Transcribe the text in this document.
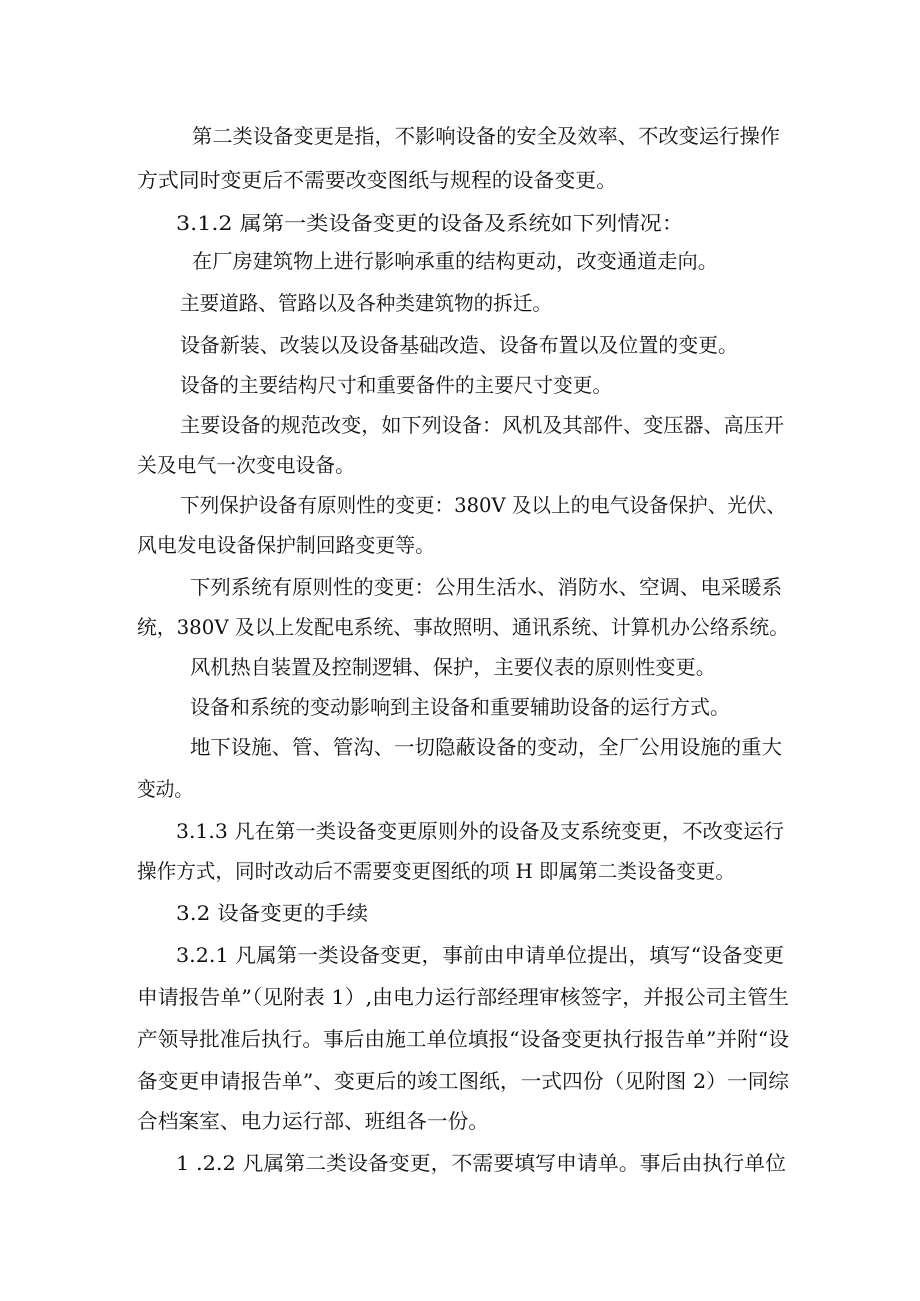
第二类设备变更是指，不影响设备的安全及效率、不改变运行操作
方式同时变更后不需要改变图纸与规程的设备变更。
3.1.2 属第一类设备变更的设备及系统如下列情况：
在厂房建筑物上进行影响承重的结构更动，改变通道走向。
主要道路、管路以及各种类建筑物的拆迁。
设备新装、改装以及设备基础改造、设备布置以及位置的变更。
设备的主要结构尺寸和重要备件的主要尺寸变更。
主要设备的规范改变，如下列设备：风机及其部件、变压器、高压开
关及电气一次变电设备。
下列保护设备有原则性的变更：380V 及以上的电气设备保护、光伏、
风电发电设备保护制回路变更等。
下列系统有原则性的变更：公用生活水、消防水、空调、电采暖系
统，380V 及以上发配电系统、事故照明、通讯系统、计算机办公络系统。
风机热自装置及控制逻辑、保护，主要仪表的原则性变更。
设备和系统的变动影响到主设备和重要辅助设备的运行方式。
地下设施、管、管沟、一切隐蔽设备的变动，全厂公用设施的重大
变动。
3.1.3 凡在第一类设备变更原则外的设备及支系统变更，不改变运行
操作方式，同时改动后不需要变更图纸的项 H 即属第二类设备变更。
3.2 设备变更的手续
3.2.1 凡属第一类设备变更，事前由申请单位提出，填写“设备变更
申请报告单”（见附表 1）,由电力运行部经理审核签字，并报公司主管生
产领导批准后执行。事后由施工单位填报“设备变更执行报告单”并附“设
备变更申请报告单”、变更后的竣工图纸，一式四份（见附图 2）一同综
合档案室、电力运行部、班组各一份。
1 .2.2 凡属第二类设备变更，不需要填写申请单。事后由执行单位
